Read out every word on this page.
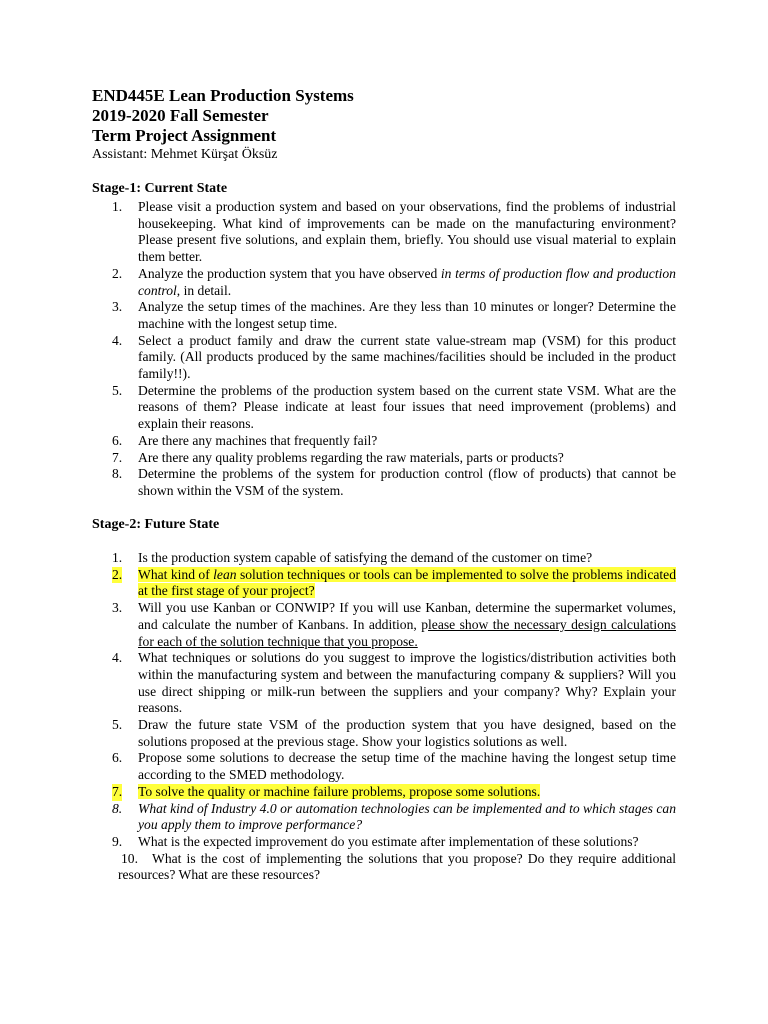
END445E Lean Production Systems

2019-2020 Fall Semester

Term Project Assignment

Assistant: Mehmet Kürşat Öksüz

Stage-1: Current State
1. Please visit a production system and based on your observations, find the problems of industrial housekeeping. What kind of improvements can be made on the manufacturing environment? Please present five solutions, and explain them, briefly. You should use visual material to explain them better.
2. Analyze the production system that you have observed in terms of production flow and production control, in detail.
3. Analyze the setup times of the machines. Are they less than 10 minutes or longer? Determine the machine with the longest setup time.
4. Select a product family and draw the current state value-stream map (VSM) for this product family. (All products produced by the same machines/facilities should be included in the product family!!).
5. Determine the problems of the production system based on the current state VSM. What are the reasons of them? Please indicate at least four issues that need improvement (problems) and explain their reasons.
6. Are there any machines that frequently fail?
7. Are there any quality problems regarding the raw materials, parts or products?
8. Determine the problems of the system for production control (flow of products) that cannot be shown within the VSM of the system.
Stage-2: Future State
1. Is the production system capable of satisfying the demand of the customer on time?
2. What kind of lean solution techniques or tools can be implemented to solve the problems indicated at the first stage of your project?
3. Will you use Kanban or CONWIP? If you will use Kanban, determine the supermarket volumes, and calculate the number of Kanbans. In addition, please show the necessary design calculations for each of the solution technique that you propose.
4. What techniques or solutions do you suggest to improve the logistics/distribution activities both within the manufacturing system and between the manufacturing company & suppliers? Will you use direct shipping or milk-run between the suppliers and your company? Why? Explain your reasons.
5. Draw the future state VSM of the production system that you have designed, based on the solutions proposed at the previous stage. Show your logistics solutions as well.
6. Propose some solutions to decrease the setup time of the machine having the longest setup time according to the SMED methodology.
7. To solve the quality or machine failure problems, propose some solutions.
8. What kind of Industry 4.0 or automation technologies can be implemented and to which stages can you apply them to improve performance?
9. What is the expected improvement do you estimate after implementation of these solutions?
10. What is the cost of implementing the solutions that you propose? Do they require additional resources? What are these resources?
